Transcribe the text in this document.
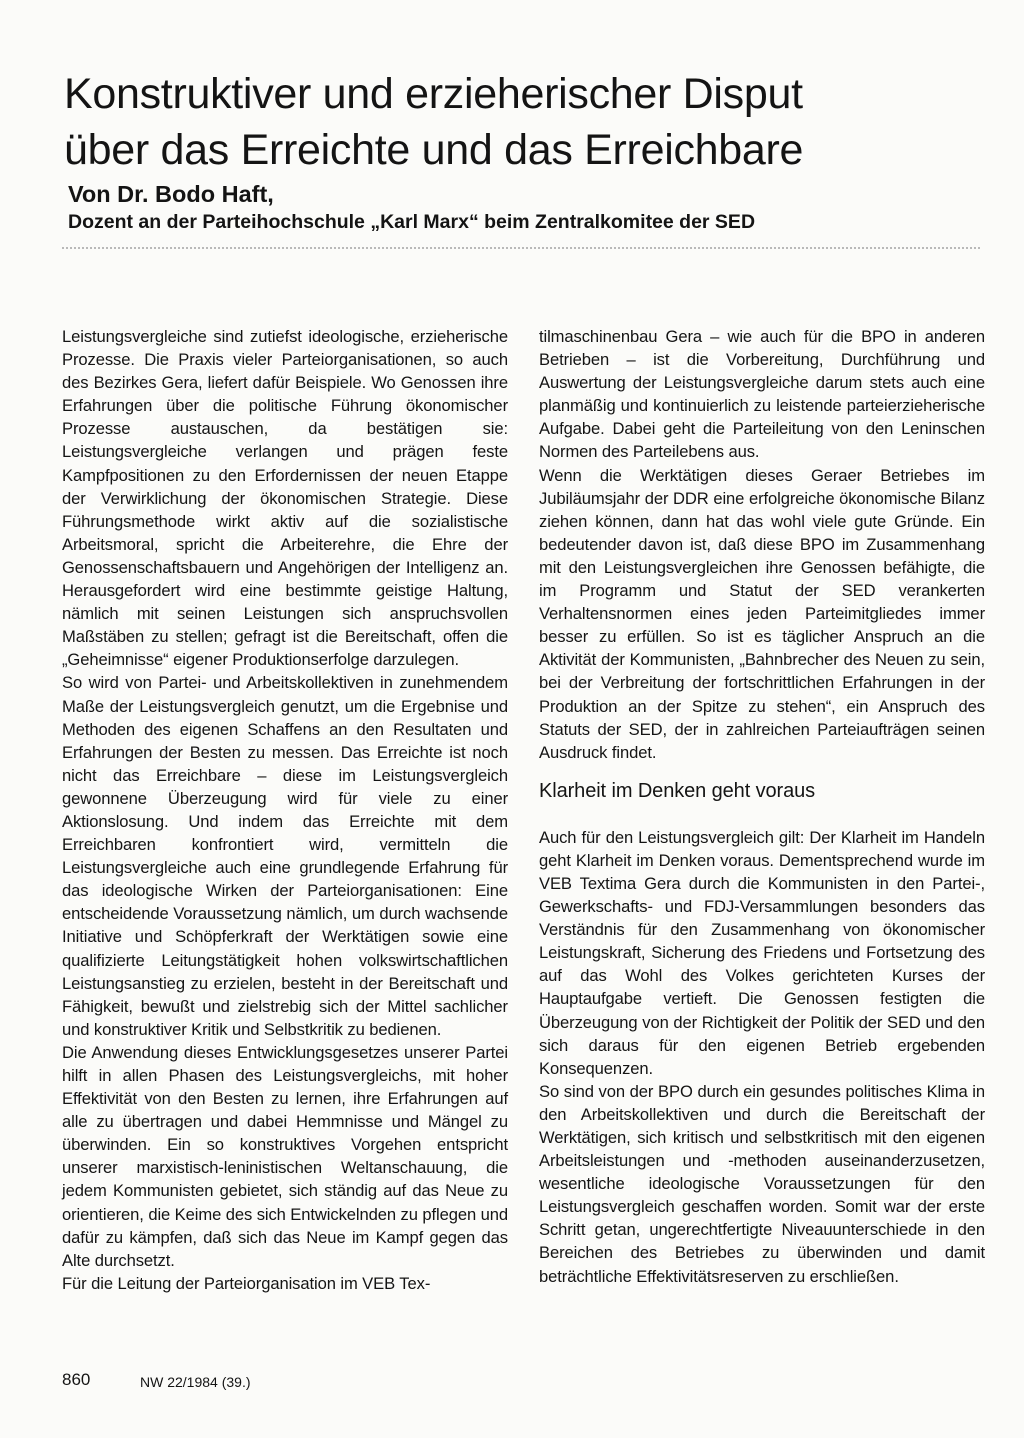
Konstruktiver und erzieherischer Disput
über das Erreichte und das Erreichbare
Von Dr. Bodo Haft,
Dozent an der Parteihochschule „Karl Marx“ beim Zentralkomitee der SED

Leistungsvergleiche sind zutiefst ideologische, erzieherische Prozesse. Die Praxis vieler Parteiorganisationen, so auch des Bezirkes Gera, liefert dafür Beispiele. Wo Genossen ihre Erfahrungen über die politische Führung ökonomischer Prozesse austauschen, da bestätigen sie: Leistungsvergleiche verlangen und prägen feste Kampfpositionen zu den Erfordernissen der neuen Etappe der Verwirklichung der ökonomischen Strategie. Diese Führungsmethode wirkt aktiv auf die sozialistische Arbeitsmoral, spricht die Arbeiterehre, die Ehre der Genossenschaftsbauern und Angehörigen der Intelligenz an. Herausgefordert wird eine bestimmte geistige Haltung, nämlich mit seinen Leistungen sich anspruchsvollen Maßstäben zu stellen; gefragt ist die Bereitschaft, offen die „Geheimnisse“ eigener Produktionserfolge darzulegen.

So wird von Partei- und Arbeitskollektiven in zunehmendem Maße der Leistungsvergleich genutzt, um die Ergebnise und Methoden des eigenen Schaffens an den Resultaten und Erfahrungen der Besten zu messen. Das Erreichte ist noch nicht das Erreichbare – diese im Leistungsvergleich gewonnene Überzeugung wird für viele zu einer Aktionslosung. Und indem das Erreichte mit dem Erreichbaren konfrontiert wird, vermitteln die Leistungsvergleiche auch eine grundlegende Erfahrung für das ideologische Wirken der Parteiorganisationen: Eine entscheidende Voraussetzung nämlich, um durch wachsende Initiative und Schöpferkraft der Werktätigen sowie eine qualifizierte Leitungstätigkeit hohen volkswirtschaftlichen Leistungsanstieg zu erzielen, besteht in der Bereitschaft und Fähigkeit, bewußt und zielstrebig sich der Mittel sachlicher und konstruktiver Kritik und Selbstkritik zu bedienen.

Die Anwendung dieses Entwicklungsgesetzes unserer Partei hilft in allen Phasen des Leistungsvergleichs, mit hoher Effektivität von den Besten zu lernen, ihre Erfahrungen auf alle zu übertragen und dabei Hemmnisse und Mängel zu überwinden. Ein so konstruktives Vorgehen entspricht unserer marxistisch-leninistischen Weltanschauung, die jedem Kommunisten gebietet, sich ständig auf das Neue zu orientieren, die Keime des sich Entwickelnden zu pflegen und dafür zu kämpfen, daß sich das Neue im Kampf gegen das Alte durchsetzt.

Für die Leitung der Parteiorganisation im VEB Tex-

tilmaschinenbau Gera – wie auch für die BPO in anderen Betrieben – ist die Vorbereitung, Durchführung und Auswertung der Leistungsvergleiche darum stets auch eine planmäßig und kontinuierlich zu leistende parteierzieherische Aufgabe. Dabei geht die Parteileitung von den Leninschen Normen des Parteilebens aus.

Wenn die Werktätigen dieses Geraer Betriebes im Jubiläumsjahr der DDR eine erfolgreiche ökonomische Bilanz ziehen können, dann hat das wohl viele gute Gründe. Ein bedeutender davon ist, daß diese BPO im Zusammenhang mit den Leistungsvergleichen ihre Genossen befähigte, die im Programm und Statut der SED verankerten Verhaltensnormen eines jeden Parteimitgliedes immer besser zu erfüllen. So ist es täglicher Anspruch an die Aktivität der Kommunisten, „Bahnbrecher des Neuen zu sein, bei der Verbreitung der fortschrittlichen Erfahrungen in der Produktion an der Spitze zu stehen“, ein Anspruch des Statuts der SED, der in zahlreichen Parteiaufträgen seinen Ausdruck findet.

Klarheit im Denken geht voraus

Auch für den Leistungsvergleich gilt: Der Klarheit im Handeln geht Klarheit im Denken voraus. Dementsprechend wurde im VEB Textima Gera durch die Kommunisten in den Partei-, Gewerkschafts- und FDJ-Versammlungen besonders das Verständnis für den Zusammenhang von ökonomischer Leistungskraft, Sicherung des Friedens und Fortsetzung des auf das Wohl des Volkes gerichteten Kurses der Hauptaufgabe vertieft. Die Genossen festigten die Überzeugung von der Richtigkeit der Politik der SED und den sich daraus für den eigenen Betrieb ergebenden Konsequenzen.

So sind von der BPO durch ein gesundes politisches Klima in den Arbeitskollektiven und durch die Bereitschaft der Werktätigen, sich kritisch und selbstkritisch mit den eigenen Arbeitsleistungen und -methoden auseinanderzusetzen, wesentliche ideologische Voraussetzungen für den Leistungsvergleich geschaffen worden. Somit war der erste Schritt getan, ungerechtfertigte Niveauunterschiede in den Bereichen des Betriebes zu überwinden und damit beträchtliche Effektivitätsreserven zu erschließen.

860	NW 22/1984 (39.)
